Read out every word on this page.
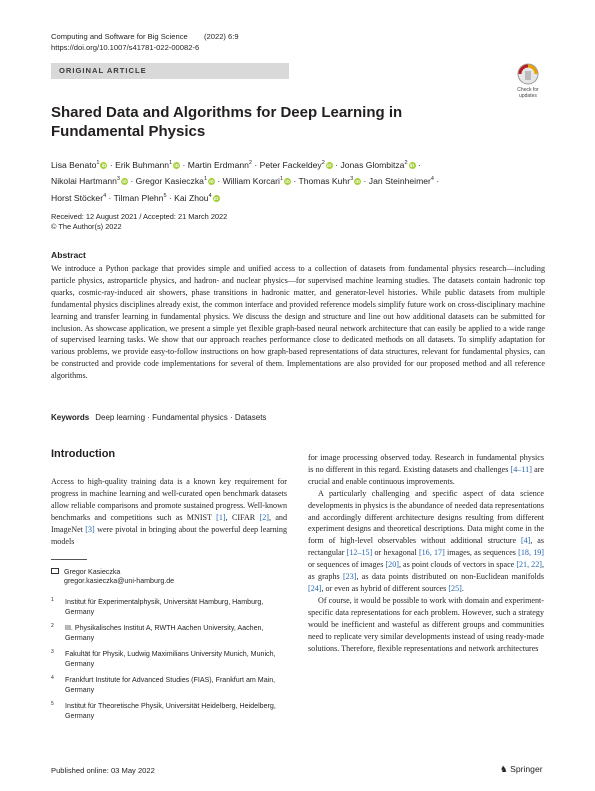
Computing and Software for Big Science	(2022) 6:9
https://doi.org/10.1007/s41781-022-00082-6
ORIGINAL ARTICLE
Check for updates
Shared Data and Algorithms for Deep Learning in Fundamental Physics
Lisa Benato$^1$ iD · Erik Buhmann$^1$ iD · Martin Erdmann$^2$ · Peter Fackeldey$^2$ iD · Jonas Glombitza$^2$ iD ·
Nikolai Hartmann$^3$ iD · Gregor Kasieczka$^1$ iD · William Korcari$^1$ iD · Thomas Kuhr$^3$ iD · Jan Steinheimer$^4$ ·
Horst Stöcker$^4$ · Tilman Plehn$^5$ · Kai Zhou$^4$ iD
Received: 12 August 2021 / Accepted: 21 March 2022
© The Author(s) 2022
Abstract

We introduce a Python package that provides simple and unified access to a collection of datasets from fundamental physics research—including particle physics, astroparticle physics, and hadron- and nuclear physics—for supervised machine learning studies. The datasets contain hadronic top quarks, cosmic-ray-induced air showers, phase transitions in hadronic matter, and generator-level histories. While public datasets from multiple fundamental physics disciplines already exist, the common interface and provided reference models simplify future work on cross-disciplinary machine learning and transfer learning in fundamental physics. We discuss the design and structure and line out how additional datasets can be submitted for inclusion. As showcase application, we present a simple yet flexible graph-based neural network architecture that can easily be applied to a wide range of supervised learning tasks. We show that our approach reaches performance close to dedicated methods on all datasets. To simplify adaptation for various problems, we provide easy-to-follow instructions on how graph-based representations of data structures, relevant for fundamental physics, can be constructed and provide code implementations for several of them. Implementations are also provided for our proposed method and all reference algorithms.

Keywords Deep learning · Fundamental physics · Datasets
Introduction

Access to high-quality training data is a known key requirement for progress in machine learning and well-curated open benchmark datasets allow reliable comparisons and promote sustained progress. Well-known benchmarks and competitions such as MNIST [1], CIFAR [2], and ImageNet [3] were pivotal in bringing about the powerful deep learning models

for image processing observed today. Research in fundamental physics is no different in this regard. Existing datasets and challenges [4–11] are crucial and enable continuous improvements.

A particularly challenging and specific aspect of data science developments in physics is the abundance of needed data representations and accordingly different architecture designs resulting from different experiment designs and theoretical descriptions. Data might come in the form of high-level observables without additional structure [4], as rectangular [12–15] or hexagonal [16, 17] images, as sequences [18, 19] or sequences of images [20], as point clouds of vectors in space [21, 22], as graphs [23], as data points distributed on non-Euclidean manifolds [24], or even as hybrid of different sources [25].

Of course, it would be possible to work with domain and experiment-specific data representations for each problem. However, such a strategy would be inefficient and wasteful as different groups and communities need to replicate very similar developments instead of using ready-made solutions. Therefore, flexible representations and network architectures

Gregor Kasieczka
gregor.kasieczka@uni-hamburg.de
1 Institut für Experimentalphysik, Universität Hamburg, Hamburg, Germany
2 III. Physikalisches Institut A, RWTH Aachen University, Aachen, Germany
3 Fakultät für Physik, Ludwig Maximilians University Munich, Munich, Germany
4 Frankfurt Institute for Advanced Studies (FIAS), Frankfurt am Main, Germany
5 Institut für Theoretische Physik, Universität Heidelberg, Heidelberg, Germany
Published online: 03 May 2022	♞ Springer
